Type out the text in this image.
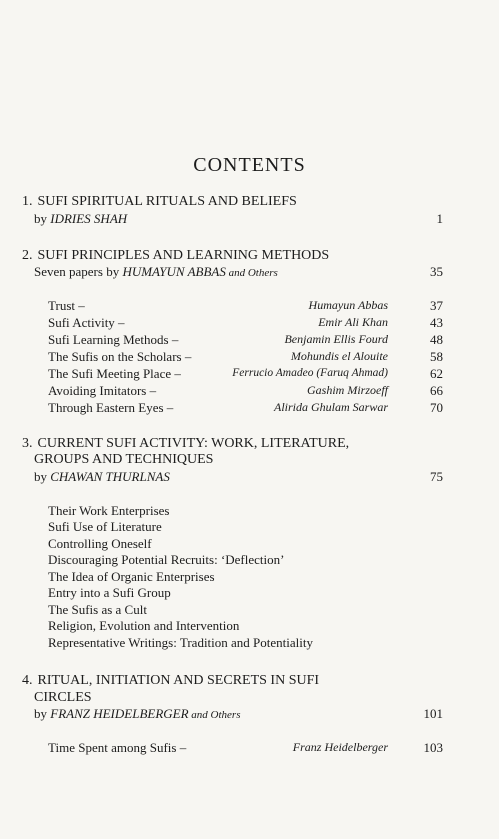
CONTENTS
1. SUFI SPIRITUAL RITUALS AND BELIEFS
by IDRIES SHAH	1
2. SUFI PRINCIPLES AND LEARNING METHODS
Seven papers by HUMAYUN ABBAS and Others	35
Trust –	Humayun Abbas	37
Sufi Activity –	Emir Ali Khan	43
Sufi Learning Methods –	Benjamin Ellis Fourd	48
The Sufis on the Scholars –	Mohundis el Alouite	58
The Sufi Meeting Place –	Ferrucio Amadeo (Faruq Ahmad)	62
Avoiding Imitators –	Gashim Mirzoeff	66
Through Eastern Eyes –	Alirida Ghulam Sarwar	70
3. CURRENT SUFI ACTIVITY: WORK, LITERATURE,
GROUPS AND TECHNIQUES
by CHAWAN THURLNAS	75
Their Work Enterprises
Sufi Use of Literature
Controlling Oneself
Discouraging Potential Recruits: ‘Deflection’
The Idea of Organic Enterprises
Entry into a Sufi Group
The Sufis as a Cult
Religion, Evolution and Intervention
Representative Writings: Tradition and Potentiality
4. RITUAL, INITIATION AND SECRETS IN SUFI
CIRCLES
by FRANZ HEIDELBERGER and Others	101
Time Spent among Sufis –	Franz Heidelberger	103
